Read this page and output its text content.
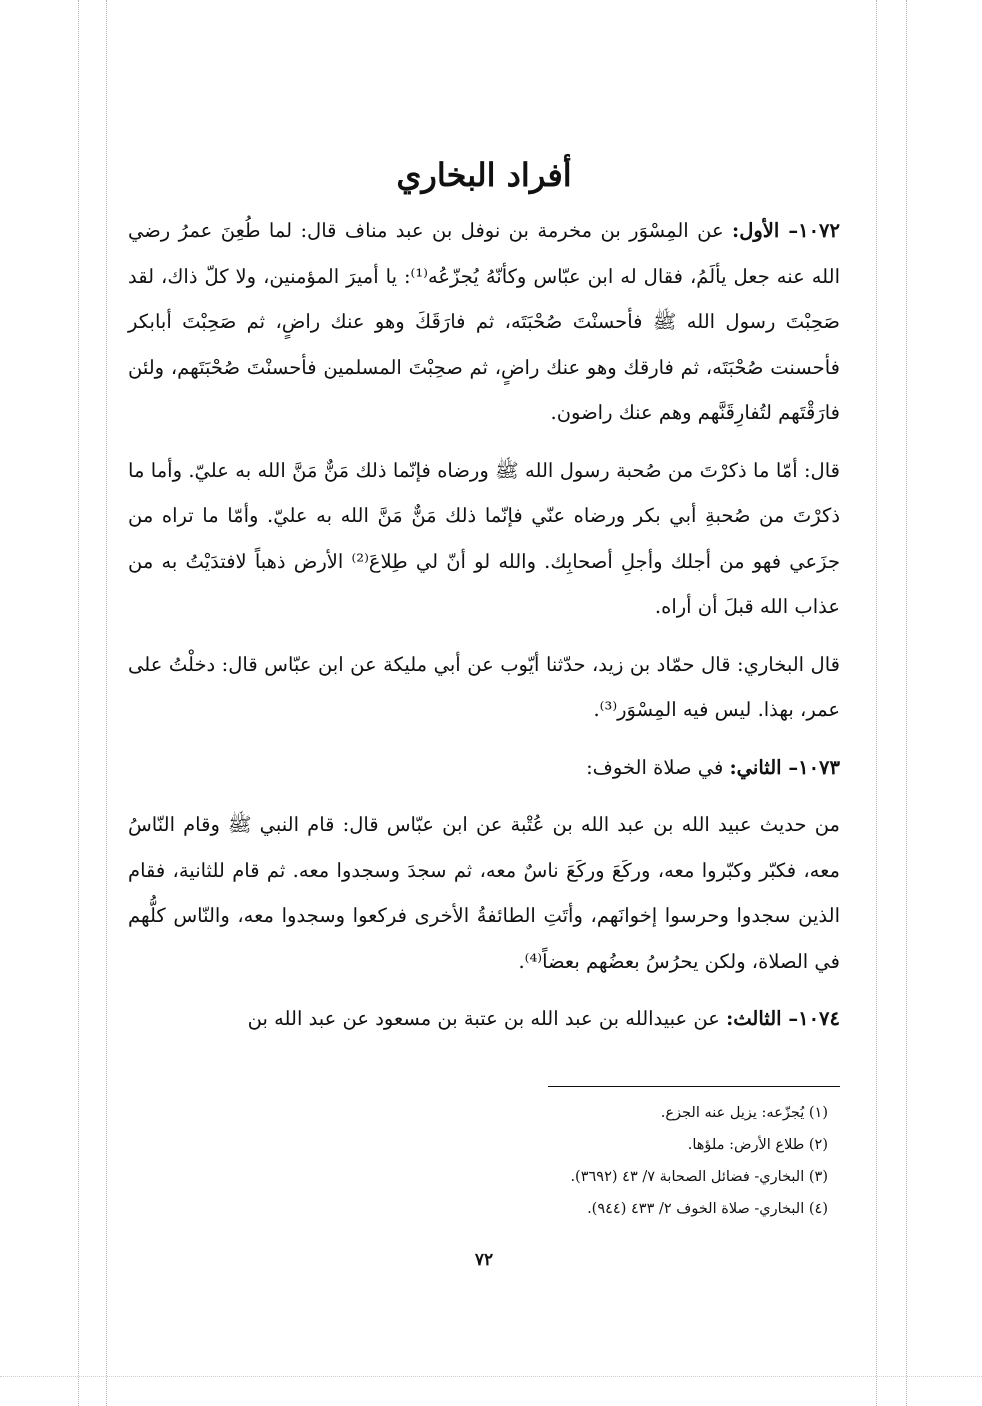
أفراد البخاري

١٠٧٢– الأول: عن المِسْوَر بن مخرمة بن نوفل بن عبد مناف قال: لما طُعِنَ عمرُ رضي الله عنه جعل يألَمُ، فقال له ابن عبّاس وكأنّهُ يُجزّعُه⁽¹⁾: يا أميرَ المؤمنين، ولا كلّ ذاك، لقد صَحِبْتَ رسول الله ﷺ فأحسنْتَ صُحْبَتَه، ثم فارَقَكَ وهو عنك راضٍ، ثم صَحِبْتَ أبابكر فأحسنت صُحْبَتَه، ثم فارقك وهو عنك راضٍ، ثم صحِبْتَ المسلمين فأحسنْتَ صُحْبَتَهم، ولئن فارَقْتَهم لتُفارِقَنَّهم وهم عنك راضون.

قال: أمّا ما ذكرْتَ من صُحبة رسول الله ﷺ ورضاه فإنّما ذلك مَنٌّ مَنَّ الله به عليّ. وأما ما ذكرْتَ من صُحبةِ أبي بكر ورضاه عنّي فإنّما ذلك مَنٌّ مَنَّ الله به عليّ. وأمّا ما تراه من جزَعي فهو من أجلك وأجلِ أصحابِك. والله لو أنّ لي طِلاعَ⁽²⁾ الأرض ذهباً لافتدَيْتُ به من عذاب الله قبلَ أن أراه.

قال البخاري: قال حمّاد بن زيد، حدّثنا أيّوب عن أبي مليكة عن ابن عبّاس قال: دخلْتُ على عمر، بهذا. ليس فيه المِسْوَر⁽³⁾.

١٠٧٣– الثاني: في صلاة الخوف:

من حديث عبيد الله بن عبد الله بن عُتْبة عن ابن عبّاس قال: قام النبي ﷺ وقام النّاسُ معه، فكبّر وكبّروا معه، وركَعَ وركَعَ ناسٌ معه، ثم سجدَ وسجدوا معه. ثم قام للثانية، فقام الذين سجدوا وحرسوا إخوانَهم، وأتَتِ الطائفةُ الأخرى فركعوا وسجدوا معه، والنّاس كلُّهم في الصلاة، ولكن يحرُسُ بعضُهم بعضاً⁽⁴⁾.

١٠٧٤– الثالث: عن عبيدالله بن عبد الله بن عتبة بن مسعود عن عبد الله بن

(١) يُجزّعه: يزيل عنه الجزع.

(٢) طلاع الأرض: ملؤها.

(٣) البخاري- فضائل الصحابة ٧/ ٤٣ (٣٦٩٢).

(٤) البخاري- صلاة الخوف ٢/ ٤٣٣ (٩٤٤).

٧٢
